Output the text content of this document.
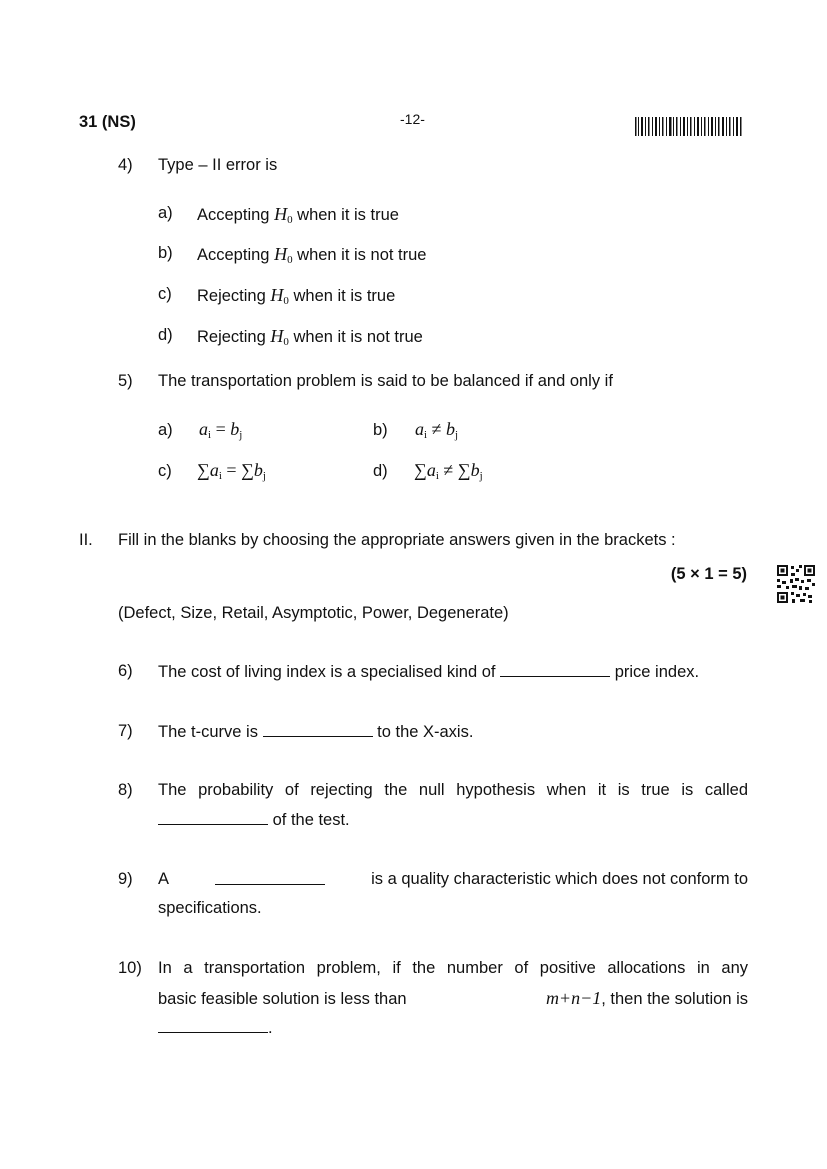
31 (NS)	-12-
4) Type – II error is
a) Accepting $H_0$ when it is true
b) Accepting $H_0$ when it is not true
c) Rejecting $H_0$ when it is true
d) Rejecting $H_0$ when it is not true
5) The transportation problem is said to be balanced if and only if
a) $a_i = b_j$	b) $a_i \ne b_j$
c) $\sum a_i = \sum b_j$	d) $\sum a_i \ne \sum b_j$
II. Fill in the blanks by choosing the appropriate answers given in the brackets :
(5 × 1 = 5)
(Defect, Size, Retail, Asymptotic, Power, Degenerate)
6) The cost of living index is a specialised kind of	price index.
7) The t-curve is	to the X-axis.
8) The probability of rejecting the null hypothesis when it is true is called
of the test.
9) A	is a quality characteristic which does not conform to
specifications.
10) In a transportation problem, if the number of positive allocations in any
basic feasible solution is less than	m+n−1, then the solution is
.
